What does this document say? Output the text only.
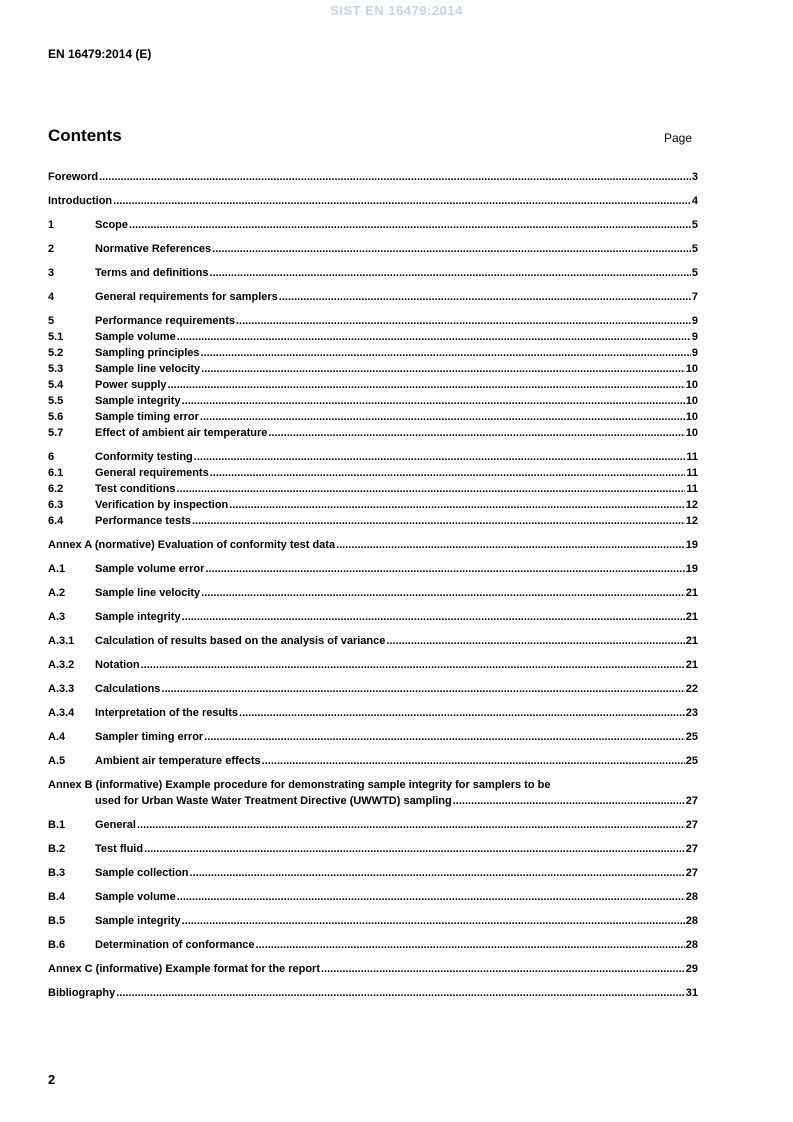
SIST EN 16479:2014
EN 16479:2014 (E)
Contents	Page
Foreword .....	3
Introduction .....	4
1	Scope .....	5
2	Normative References .....	5
3	Terms and definitions .....	5
4	General requirements for samplers .....	7
5	Performance requirements .....	9
5.1	Sample volume .....	9
5.2	Sampling principles .....	9
5.3	Sample line velocity .....	10
5.4	Power supply .....	10
5.5	Sample integrity .....	10
5.6	Sample timing error .....	10
5.7	Effect of ambient air temperature .....	10
6	Conformity testing .....	11
6.1	General requirements .....	11
6.2	Test conditions .....	11
6.3	Verification by inspection .....	12
6.4	Performance tests .....	12
Annex A (normative) Evaluation of conformity test data .....	19
A.1	Sample volume error .....	19
A.2	Sample line velocity .....	21
A.3	Sample integrity .....	21
A.3.1	Calculation of results based on the analysis of variance .....	21
A.3.2	Notation .....	21
A.3.3	Calculations .....	22
A.3.4	Interpretation of the results .....	23
A.4	Sampler timing error .....	25
A.5	Ambient air temperature effects .....	25
Annex B (informative) Example procedure for demonstrating sample integrity for samplers to be
used for Urban Waste Water Treatment Directive (UWWTD) sampling .....	27
B.1	General .....	27
B.2	Test fluid .....	27
B.3	Sample collection .....	27
B.4	Sample volume .....	28
B.5	Sample integrity .....	28
B.6	Determination of conformance .....	28
Annex C (informative) Example format for the report .....	29
Bibliography .....	31
2
